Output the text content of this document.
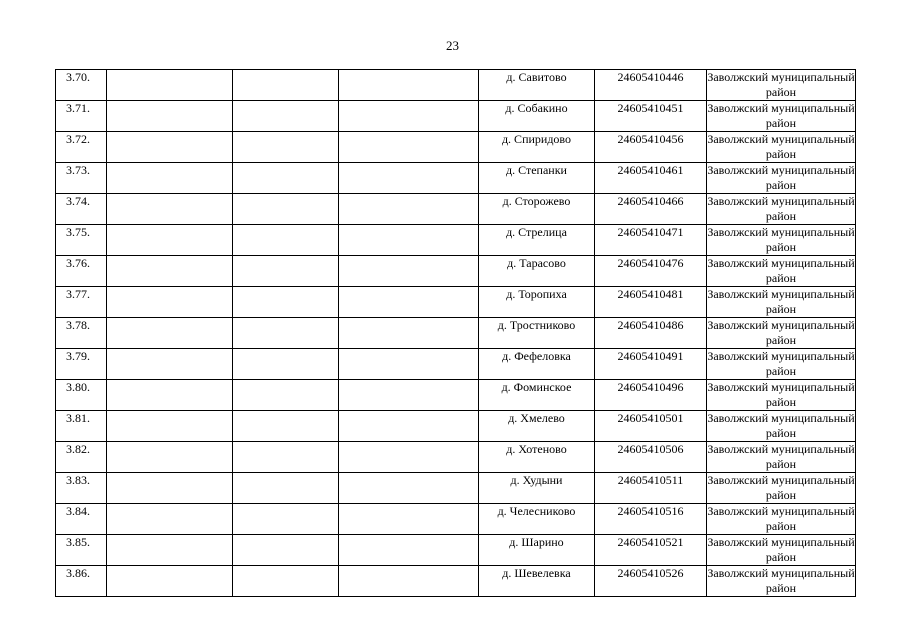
23
3.70.				д. Савитово	24605410446	Заволжский муниципальный район
3.71.				д. Собакино	24605410451	Заволжский муниципальный район
3.72.				д. Спиридово	24605410456	Заволжский муниципальный район
3.73.				д. Степанки	24605410461	Заволжский муниципальный район
3.74.				д. Сторожево	24605410466	Заволжский муниципальный район
3.75.				д. Стрелица	24605410471	Заволжский муниципальный район
3.76.				д. Тарасово	24605410476	Заволжский муниципальный район
3.77.				д. Торопиха	24605410481	Заволжский муниципальный район
3.78.				д. Тростниково	24605410486	Заволжский муниципальный район
3.79.				д. Фефеловка	24605410491	Заволжский муниципальный район
3.80.				д. Фоминское	24605410496	Заволжский муниципальный район
3.81.				д. Хмелево	24605410501	Заволжский муниципальный район
3.82.				д. Хотеново	24605410506	Заволжский муниципальный район
3.83.				д. Худыни	24605410511	Заволжский муниципальный район
3.84.				д. Челесниково	24605410516	Заволжский муниципальный район
3.85.				д. Шарино	24605410521	Заволжский муниципальный район
3.86.				д. Шевелевка	24605410526	Заволжский муниципальный район
